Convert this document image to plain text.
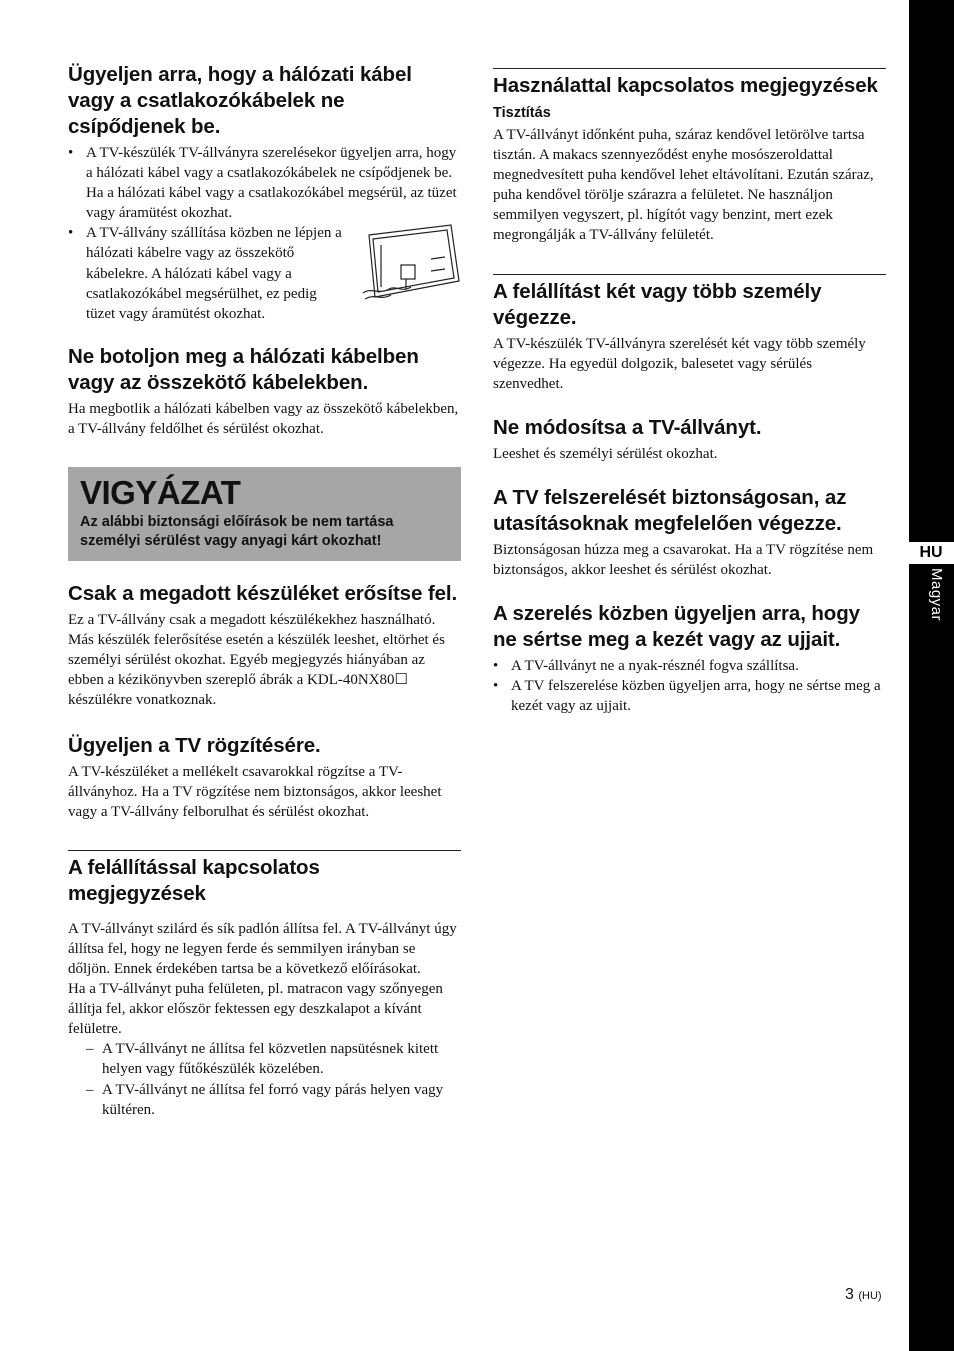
Ügyeljen arra, hogy a hálózati kábel vagy a csatlakozókábelek ne csípődjenek be.
• A TV-készülék TV-állványra szerelésekor ügyeljen arra, hogy a hálózati kábel vagy a csatlakozókábelek ne csípődjenek be. Ha a hálózati kábel vagy a csatlakozókábel megsérül, az tüzet vagy áramütést okozhat.
• A TV-állvány szállítása közben ne lépjen a hálózati kábelre vagy az összekötő kábelekre. A hálózati kábel vagy a csatlakozókábel megsérülhet, ez pedig tüzet vagy áramütést okozhat.
Ne botoljon meg a hálózati kábelben vagy az összekötő kábelekben.

Ha megbotlik a hálózati kábelben vagy az összekötő kábelekben, a TV-állvány feldőlhet és sérülést okozhat.

VIGYÁZAT

Az alábbi biztonsági előírások be nem tartása személyi sérülést vagy anyagi kárt okozhat!

Csak a megadott készüléket erősítse fel.

Ez a TV-állvány csak a megadott készülékekhez használható. Más készülék felerősítése esetén a készülék leeshet, eltörhet és személyi sérülést okozhat. Egyéb megjegyzés hiányában az ebben a kézikönyvben szereplő ábrák a KDL-40NX80☐ készülékre vonatkoznak.

Ügyeljen a TV rögzítésére.

A TV-készüléket a mellékelt csavarokkal rögzítse a TV-állványhoz. Ha a TV rögzítése nem biztonságos, akkor leeshet vagy a TV-állvány felborulhat és sérülést okozhat.

A felállítással kapcsolatos megjegyzések

A TV-állványt szilárd és sík padlón állítsa fel. A TV-állványt úgy állítsa fel, hogy ne legyen ferde és semmilyen irányban se dőljön. Ennek érdekében tartsa be a következő előírásokat.

Ha a TV-állványt puha felületen, pl. matracon vagy szőnyegen állítja fel, akkor először fektessen egy deszkalapot a kívánt felületre.

– A TV-állványt ne állítsa fel közvetlen napsütésnek kitett helyen vagy fűtőkészülék közelében.
– A TV-állványt ne állítsa fel forró vagy párás helyen vagy kültéren.
Használattal kapcsolatos megjegyzések
Tisztítás

A TV-állványt időnként puha, száraz kendővel letörölve tartsa tisztán. A makacs szennyeződést enyhe mosószeroldattal megnedvesített puha kendővel lehet eltávolítani. Ezután száraz, puha kendővel törölje szárazra a felületet. Ne használjon semmilyen vegyszert, pl. hígítót vagy benzint, mert ezek megrongálják a TV-állvány felületét.

A felállítást két vagy több személy végezze.

A TV-készülék TV-állványra szerelését két vagy több személy végezze. Ha egyedül dolgozik, balesetet vagy sérülés szenvedhet.

Ne módosítsa a TV-állványt.

Leeshet és személyi sérülést okozhat.

A TV felszerelését biztonságosan, az utasításoknak megfelelően végezze.

Biztonságosan húzza meg a csavarokat. Ha a TV rögzítése nem biztonságos, akkor leeshet és sérülést okozhat.

A szerelés közben ügyeljen arra, hogy ne sértse meg a kezét vagy az ujjait.
• A TV-állványt ne a nyak-résznél fogva szállítsa.
• A TV felszerelése közben ügyeljen arra, hogy ne sértse meg a kezét vagy az ujjait.
HU
Magyar
3 (HU)
